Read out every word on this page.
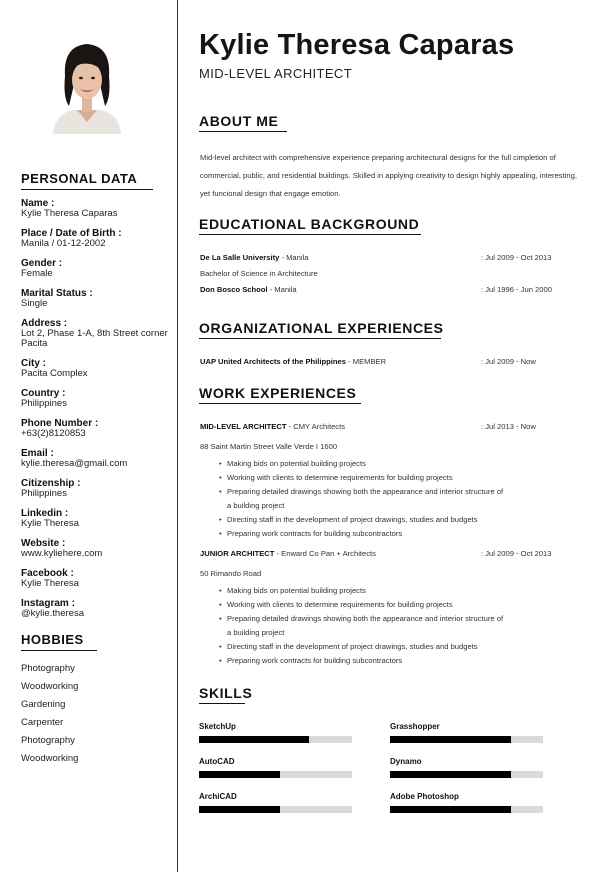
PERSONAL DATA
Name :
Kylie Theresa Caparas
Place / Date of Birth :
Manila / 01-12-2002
Gender :
Female
Marital Status :
Single
Address :
Lot 2, Phase 1-A, 8th Street corner Pacita
City :
Pacita Complex
Country :
Philippines
Phone Number :
+63(2)8120853
Email :
kylie.theresa@gmail.com
Citizenship :
Philippines
Linkedin :
Kylie Theresa
Website :
www.kyliehere.com
Facebook :
Kylie Theresa
Instagram :
@kylie.theresa
HOBBIES
Photography
Woodworking
Gardening
Carpenter
Photography
Woodworking
Kylie Theresa Caparas
MID-LEVEL ARCHITECT
ABOUT ME
Mid-level architect with comprehensive experience preparing architectural designs for the full cimpletion of commercial, public, and residential buildings. Skilled in applying creativity to design highly appealing, interesting, yet funcional design that engage emotion.
EDUCATIONAL BACKGROUND
De La Salle University - Manila	: Jul 2009 - Oct 2013
Bachelor of Science in Architecture
Don Bosco School - Manila	: Jul 1996 - Jun 2000
ORGANIZATIONAL EXPERIENCES
UAP United Architects of the Philippines - MEMBER	: Jul 2009 - Now
WORK EXPERIENCES
MID-LEVEL ARCHITECT - CMY Architects	: Jul 2013 - Now
88 Saint Martin Street Valle Verde I 1600
• Making bids on potential building projects
• Working with clients to determine requirements for building projects
• Preparing detailed drawings showing both the appearance and interior structure of a building project
• Directing staff in the development of project drawings, studies and budgets
• Preparing work contracts for building subcontractors
JUNIOR ARCHITECT - Enward Co Pan + Architects	: Jul 2009 - Oct 2013
50 Rimando Road
• Making bids on potential building projects
• Working with clients to determine requirements for building projects
• Preparing detailed drawings showing both the appearance and interior structure of a building project
• Directing staff in the development of project drawings, studies and budgets
• Preparing work contracts for building subcontractors
SKILLS
SketchUp	Grasshopper
AutoCAD	Dynamo
ArchiCAD	Adobe Photoshop
